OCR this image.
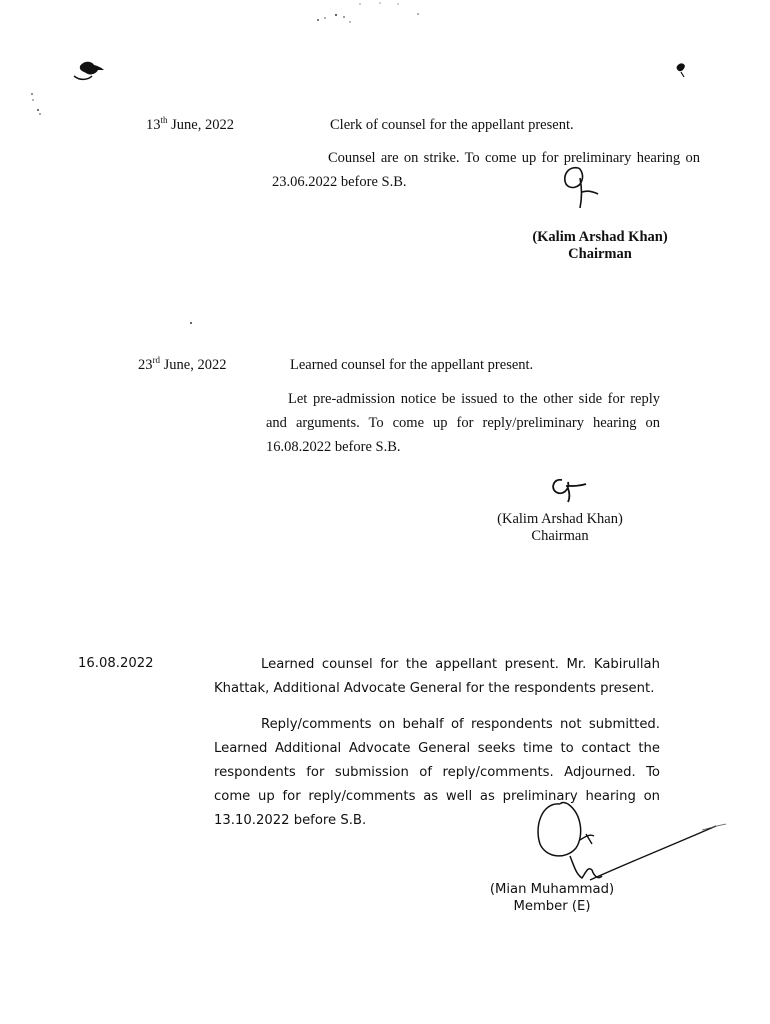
13th June, 2022	Clerk of counsel for the appellant present.
Counsel are on strike. To come up for preliminary hearing on 23.06.2022 before S.B.
(Kalim Arshad Khan)
Chairman
23rd June, 2022	Learned counsel for the appellant present.
Let pre-admission notice be issued to the other side for reply and arguments. To come up for reply/preliminary hearing on 16.08.2022 before S.B.
(Kalim Arshad Khan)
Chairman
16.08.2022	Learned counsel for the appellant present. Mr. Kabirullah Khattak, Additional Advocate General for the respondents present.
Reply/comments on behalf of respondents not submitted. Learned Additional Advocate General seeks time to contact the respondents for submission of reply/comments. Adjourned. To come up for reply/comments as well as preliminary hearing on 13.10.2022 before S.B.
(Mian Muhammad)
Member (E)
